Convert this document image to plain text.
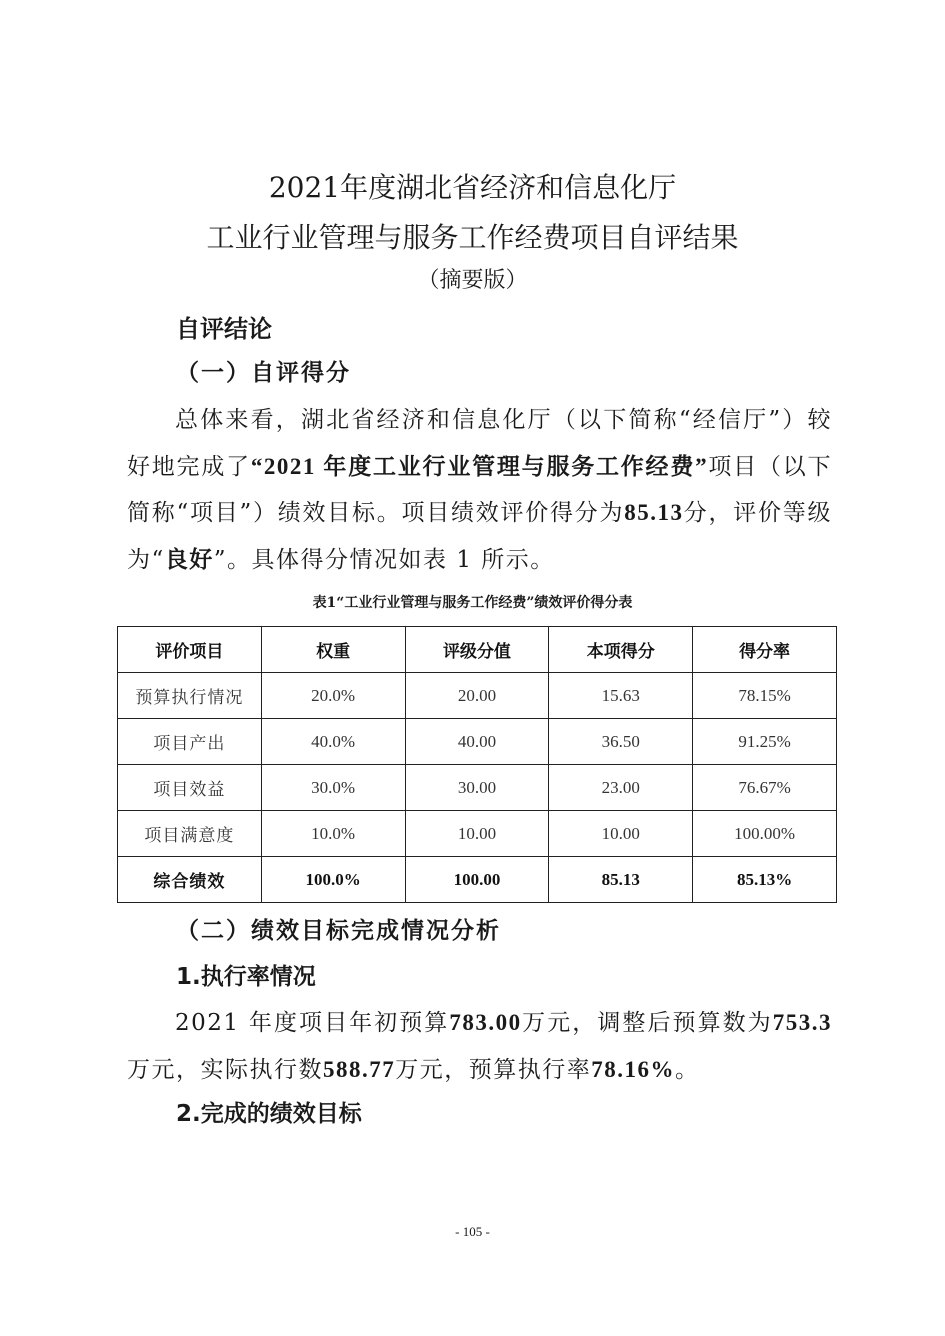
2021年度湖北省经济和信息化厅
工业行业管理与服务工作经费项目自评结果
（摘要版）
自评结论
（一）自评得分
总体来看，湖北省经济和信息化厅（以下简称“经信厅”）较好地完成了“2021 年度工业行业管理与服务工作经费”项目（以下简称“项目”）绩效目标。项目绩效评价得分为85.13分，评价等级为“良好”。具体得分情况如表 1 所示。
表1“工业行业管理与服务工作经费”绩效评价得分表
评价项目	权重	评级分值	本项得分	得分率
预算执行情况	20.0%	20.00	15.63	78.15%
项目产出	40.0%	40.00	36.50	91.25%
项目效益	30.0%	30.00	23.00	76.67%
项目满意度	10.0%	10.00	10.00	100.00%
综合绩效	100.0%	100.00	85.13	85.13%
（二）绩效目标完成情况分析
1.执行率情况
2021 年度项目年初预算783.00万元，调整后预算数为753.3万元，实际执行数588.77万元，预算执行率78.16%。
2.完成的绩效目标
- 105 -
